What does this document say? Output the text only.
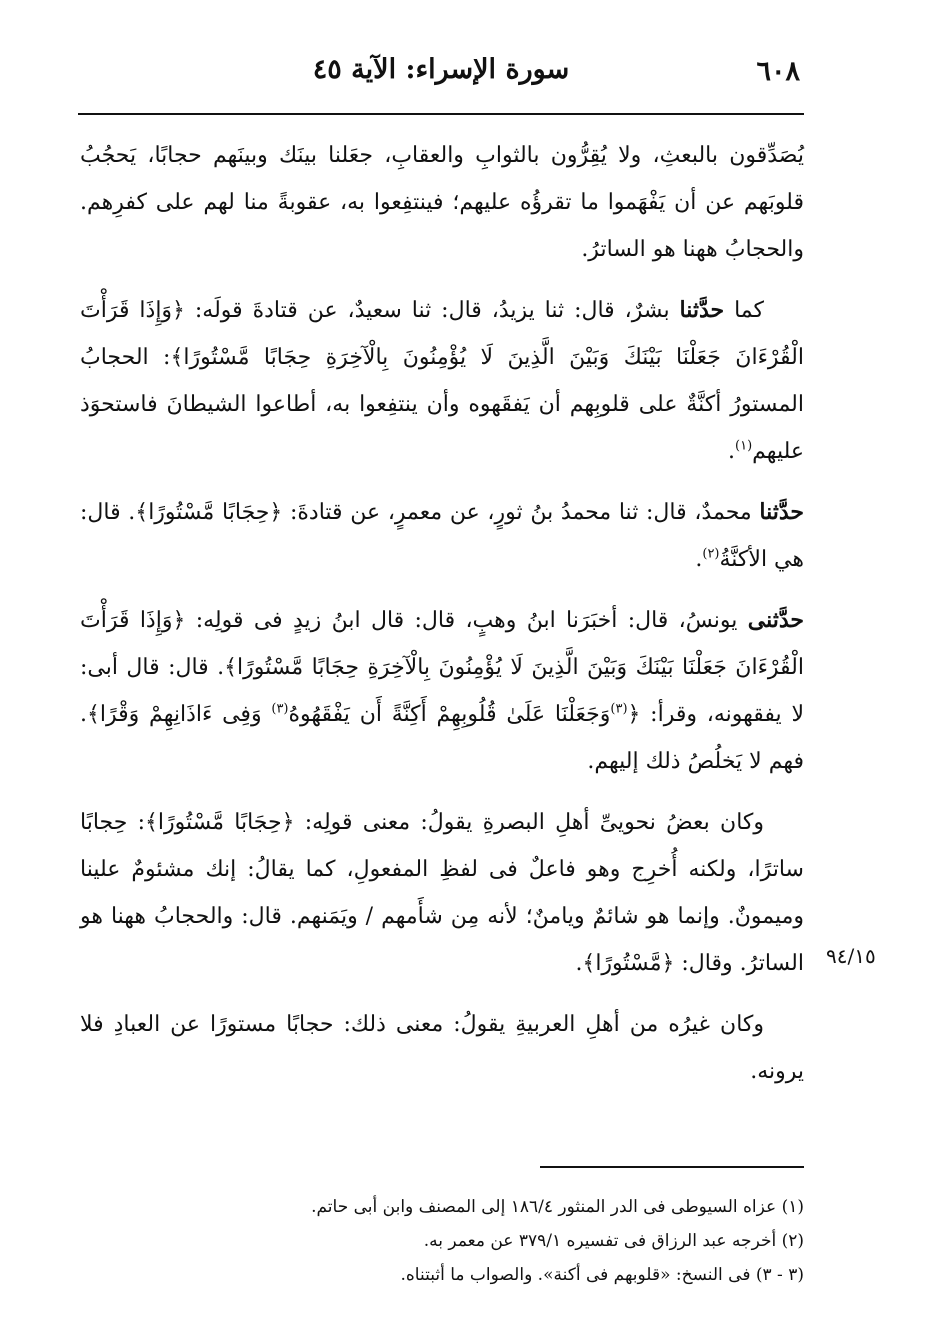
٦٠٨
سورة الإسراء: الآية ٤٥

يُصَدِّقون بالبعثِ، ولا يُقِرُّون بالثوابِ والعقابِ، جعَلنا بينَك وبينَهم حجابًا، يَحجُبُ قلوبَهم عن أن يَفْهَموا ما تقرؤُه عليهم؛ فينتفِعوا به، عقوبةً منا لهم على كفرِهم. والحجابُ ههنا هو الساترُ.

كما حدَّثنا بشرٌ، قال: ثنا يزيدُ، قال: ثنا سعيدٌ، عن قتادةَ قولَه: ﴿وَإِذَا قَرَأْتَ الْقُرْءَانَ جَعَلْنَا بَيْنَكَ وَبَيْنَ الَّذِينَ لَا يُؤْمِنُونَ بِالْآخِرَةِ حِجَابًا مَّسْتُورًا﴾: الحجابُ المستورُ أكنَّةٌ على قلوبِهم أن يَفقَهوه وأن ينتفِعوا به، أطاعوا الشيطانَ فاستحوَذ عليهم$^{(١)}$.

حدَّثنا محمدٌ، قال: ثنا محمدُ بنُ ثورٍ، عن معمرٍ، عن قتادةَ: ﴿حِجَابًا مَّسْتُورًا﴾. قال: هي الأكنَّةُ$^{(٢)}$.

حدَّثنى يونسُ، قال: أخبَرَنا ابنُ وهبٍ، قال: قال ابنُ زيدٍ فى قولِه: ﴿وَإِذَا قَرَأْتَ الْقُرْءَانَ جَعَلْنَا بَيْنَكَ وَبَيْنَ الَّذِينَ لَا يُؤْمِنُونَ بِالْآخِرَةِ حِجَابًا مَّسْتُورًا﴾. قال: قال أبى: لا يفقهونه، وقرأ: ﴿$^{(٣)}$وَجَعَلْنَا عَلَىٰ قُلُوبِهِمْ أَكِنَّةً أَن يَفْقَهُوهُ$^{(٣)}$ وَفِى ءَاذَانِهِمْ وَقْرًا﴾. فهم لا يَخلُصُ ذلك إليهم.

وكان بعضُ نحويىِّ أهلِ البصرةِ يقولُ: معنى قولِه: ﴿حِجَابًا مَّسْتُورًا﴾: حِجابًا ساترًا، ولكنه أُخرِج وهو فاعلٌ فى لفظِ المفعولِ، كما يقالُ: إنك مشئومٌ علينا وميمونٌ. وإنما هو شائمٌ ويامنٌ؛ لأنه مِن شأَمهم / ويَمَنهم. قال: والحجابُ ههنا هو الساترُ. وقال: ﴿مَّسْتُورًا﴾.

وكان غيرُه من أهلِ العربيةِ يقولُ: معنى ذلك: حجابًا مستورًا عن العبادِ فلا يرونه.

٩٤/١٥

(١) عزاه السيوطى فى الدر المنثور ١٨٦/٤ إلى المصنف وابن أبى حاتم.

(٢) أخرجه عبد الرزاق فى تفسيره ٣٧٩/١ عن معمر به.

(٣ - ٣) فى النسخ: «قلوبهم فى أكنة». والصواب ما أثبتناه.
